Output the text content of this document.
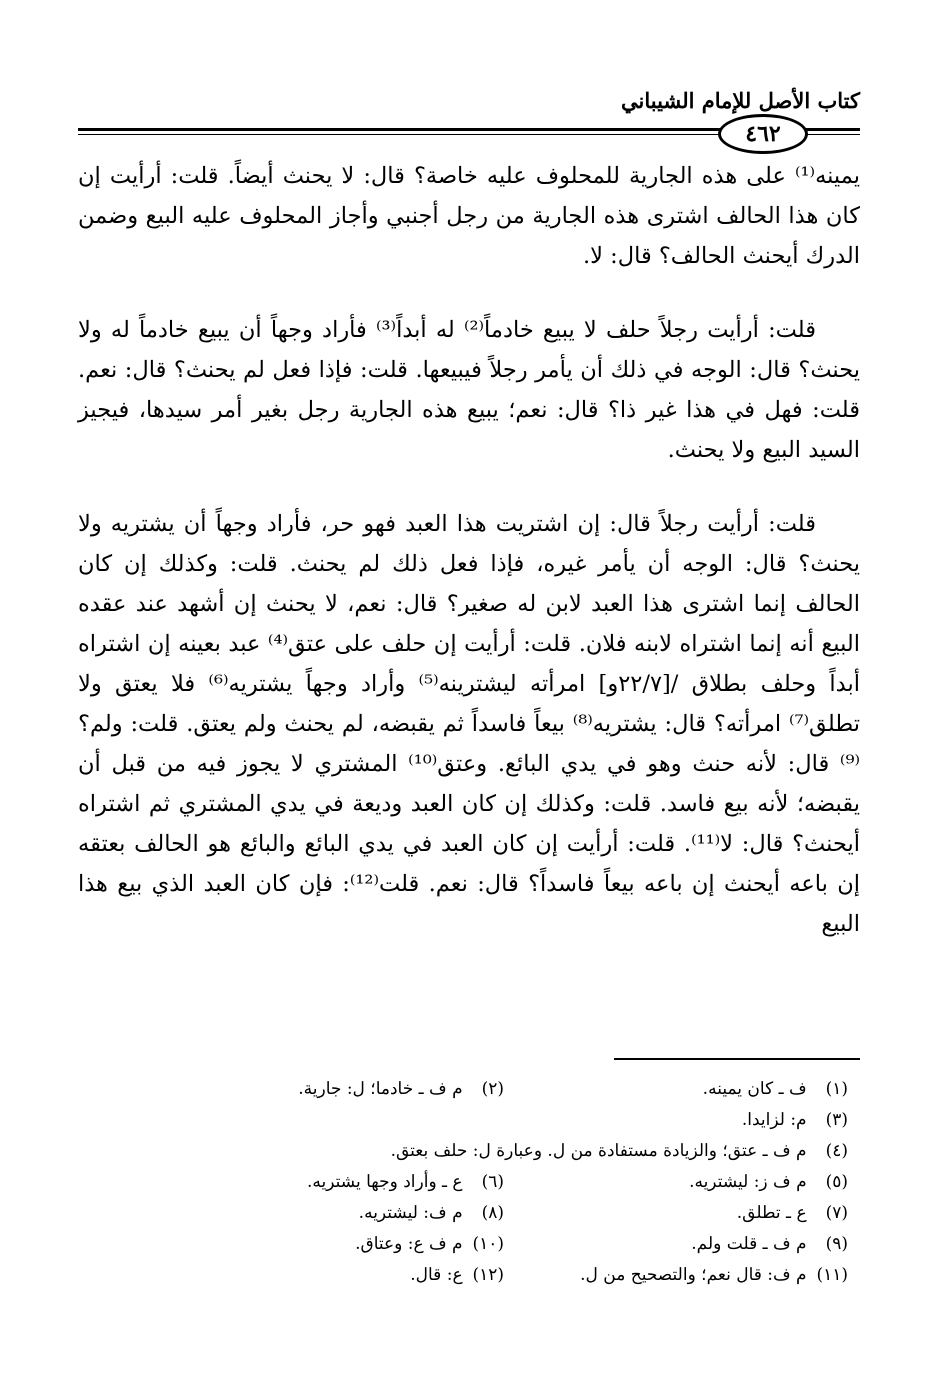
كتاب الأصل للإمام الشيباني
٤٦٢

يمينه⁽¹⁾ على هذه الجارية للمحلوف عليه خاصة؟ قال: لا يحنث أيضاً. قلت: أرأيت إن كان هذا الحالف اشترى هذه الجارية من رجل أجنبي وأجاز المحلوف عليه البيع وضمن الدرك أيحنث الحالف؟ قال: لا.

قلت: أرأيت رجلاً حلف لا يبيع خادماً⁽²⁾ له أبداً⁽³⁾ فأراد وجهاً أن يبيع خادماً له ولا يحنث؟ قال: الوجه في ذلك أن يأمر رجلاً فيبيعها. قلت: فإذا فعل لم يحنث؟ قال: نعم. قلت: فهل في هذا غير ذا؟ قال: نعم؛ يبيع هذه الجارية رجل بغير أمر سيدها، فيجيز السيد البيع ولا يحنث.

قلت: أرأيت رجلاً قال: إن اشتريت هذا العبد فهو حر، فأراد وجهاً أن يشتريه ولا يحنث؟ قال: الوجه أن يأمر غيره، فإذا فعل ذلك لم يحنث. قلت: وكذلك إن كان الحالف إنما اشترى هذا العبد لابن له صغير؟ قال: نعم، لا يحنث إن أشهد عند عقده البيع أنه إنما اشتراه لابنه فلان. قلت: أرأيت إن حلف على عتق⁽⁴⁾ عبد بعينه إن اشتراه أبداً وحلف بطلاق /[٢٢/٧و] امرأته ليشترينه⁽⁵⁾ وأراد وجهاً يشتريه⁽⁶⁾ فلا يعتق ولا تطلق⁽⁷⁾ امرأته؟ قال: يشتريه⁽⁸⁾ بيعاً فاسداً ثم يقبضه، لم يحنث ولم يعتق. قلت: ولم؟⁽⁹⁾ قال: لأنه حنث وهو في يدي البائع. وعتق⁽¹⁰⁾ المشتري لا يجوز فيه من قبل أن يقبضه؛ لأنه بيع فاسد. قلت: وكذلك إن كان العبد وديعة في يدي المشتري ثم اشتراه أيحنث؟ قال: لا⁽¹¹⁾. قلت: أرأيت إن كان العبد في يدي البائع والبائع هو الحالف بعتقه إن باعه أيحنث إن باعه بيعاً فاسداً؟ قال: نعم. قلت⁽¹²⁾: فإن كان العبد الذي بيع هذا البيع

(١) ف ـ كان يمينه.
(٢) م ف ـ خادما؛ ل: جارية.
(٣) م: لزايدا.
(٤) م ف ـ عتق؛ والزيادة مستفادة من ل. وعبارة ل: حلف بعتق.
(٥) م ف ز: ليشتريه.
(٦) ع ـ وأراد وجها يشتريه.
(٧) ع ـ تطلق.
(٨) م ف: ليشتريه.
(٩) م ف ـ قلت ولم.
(١٠) م ف ع: وعتاق.
(١١) م ف: قال نعم؛ والتصحيح من ل.
(١٢) ع: قال.
